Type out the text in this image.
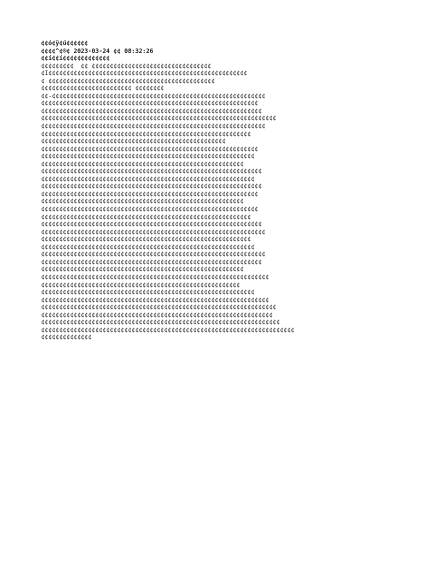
¢¢ó¢ÿ¢ú¢¢¢¢¢¢
¢¢¢¢^¢®¢ 2023-03-24 ¢¢ 08:32:26
¢¢í¢¢í¢¢¢¢¢¢¢¢¢¢¢¢¢
¢¢¢¢¢¢¢¢¢  ¢¢ ¢¢¢¢¢¢¢¢¢¢¢¢¢¢¢¢¢¢¢¢¢¢¢¢¢¢¢¢¢¢¢¢¢
¢I¢¢¢¢¢¢¢¢¢¢¢¢¢¢¢¢¢¢¢¢¢¢¢¢¢¢¢¢¢¢¢¢¢¢¢¢¢¢¢¢¢¢¢¢¢¢¢¢¢¢¢¢¢¢¢
¢ ¢¢¢¢¢¢¢¢¢¢¢¢¢¢¢¢¢¢¢¢¢¢¢¢¢¢¢¢¢¢¢¢¢¢¢¢¢¢¢¢¢¢¢¢¢¢
¢¢¢¢¢¢¢¢¢¢¢¢¢¢¢¢¢¢¢¢¢¢¢¢¢ ¢¢¢¢¢¢¢¢
¢¢-¢¢¢¢¢¢¢¢¢¢¢¢¢¢¢¢¢¢¢¢¢¢¢¢¢¢¢¢¢¢¢¢¢¢¢¢¢¢¢¢¢¢¢¢¢¢¢¢¢¢¢¢¢¢¢¢¢¢¢
¢¢¢¢¢¢¢¢¢¢¢¢¢¢¢¢¢¢¢¢¢¢¢¢¢¢¢¢¢¢¢¢¢¢¢¢¢¢¢¢¢¢¢¢¢¢¢¢¢¢¢¢¢¢¢¢¢¢¢¢
¢¢¢¢¢¢¢¢¢¢¢¢¢¢¢¢¢¢¢¢¢¢¢¢¢¢¢¢¢¢¢¢¢¢¢¢¢¢¢¢¢¢¢¢¢¢¢¢¢¢¢¢¢¢¢¢¢¢¢¢¢
¢¢¢¢¢¢¢¢¢¢¢¢¢¢¢¢¢¢¢¢¢¢¢¢¢¢¢¢¢¢¢¢¢¢¢¢¢¢¢¢¢¢¢¢¢¢¢¢¢¢¢¢¢¢¢¢¢¢¢¢¢¢¢¢¢
¢¢¢¢¢¢¢¢¢¢¢¢¢¢¢¢¢¢¢¢¢¢¢¢¢¢¢¢¢¢¢¢¢¢¢¢¢¢¢¢¢¢¢¢¢¢¢¢¢¢¢¢¢¢¢¢¢¢¢¢¢¢
¢¢¢¢¢¢¢¢¢¢¢¢¢¢¢¢¢¢¢¢¢¢¢¢¢¢¢¢¢¢¢¢¢¢¢¢¢¢¢¢¢¢¢¢¢¢¢¢¢¢¢¢¢¢¢¢¢¢
¢¢¢¢¢¢¢¢¢¢¢¢¢¢¢¢¢¢¢¢¢¢¢¢¢¢¢¢¢¢¢¢¢¢¢¢¢¢¢¢¢¢¢¢¢¢¢¢¢¢¢
¢¢¢¢¢¢¢¢¢¢¢¢¢¢¢¢¢¢¢¢¢¢¢¢¢¢¢¢¢¢¢¢¢¢¢¢¢¢¢¢¢¢¢¢¢¢¢¢¢¢¢¢¢¢¢¢¢¢¢¢
¢¢¢¢¢¢¢¢¢¢¢¢¢¢¢¢¢¢¢¢¢¢¢¢¢¢¢¢¢¢¢¢¢¢¢¢¢¢¢¢¢¢¢¢¢¢¢¢¢¢¢¢¢¢¢¢¢¢¢
¢¢¢¢¢¢¢¢¢¢¢¢¢¢¢¢¢¢¢¢¢¢¢¢¢¢¢¢¢¢¢¢¢¢¢¢¢¢¢¢¢¢¢¢¢¢¢¢¢¢¢¢¢¢¢¢
¢¢¢¢¢¢¢¢¢¢¢¢¢¢¢¢¢¢¢¢¢¢¢¢¢¢¢¢¢¢¢¢¢¢¢¢¢¢¢¢¢¢¢¢¢¢¢¢¢¢¢¢¢¢¢¢¢¢¢¢¢
¢¢¢¢¢¢¢¢¢¢¢¢¢¢¢¢¢¢¢¢¢¢¢¢¢¢¢¢¢¢¢¢¢¢¢¢¢¢¢¢¢¢¢¢¢¢¢¢¢¢¢¢¢¢¢¢¢¢¢
¢¢¢¢¢¢¢¢¢¢¢¢¢¢¢¢¢¢¢¢¢¢¢¢¢¢¢¢¢¢¢¢¢¢¢¢¢¢¢¢¢¢¢¢¢¢¢¢¢¢¢¢¢¢¢¢¢¢¢¢¢
¢¢¢¢¢¢¢¢¢¢¢¢¢¢¢¢¢¢¢¢¢¢¢¢¢¢¢¢¢¢¢¢¢¢¢¢¢¢¢¢¢¢¢¢¢¢¢¢¢¢¢¢¢¢¢¢¢¢¢¢
¢¢¢¢¢¢¢¢¢¢¢¢¢¢¢¢¢¢¢¢¢¢¢¢¢¢¢¢¢¢¢¢¢¢¢¢¢¢¢¢¢¢¢¢¢¢¢¢¢¢¢¢¢¢¢¢
¢¢¢¢¢¢¢¢¢¢¢¢¢¢¢¢¢¢¢¢¢¢¢¢¢¢¢¢¢¢¢¢¢¢¢¢¢¢¢¢¢¢¢¢¢¢¢¢¢¢¢¢¢¢¢¢¢¢¢¢
¢¢¢¢¢¢¢¢¢¢¢¢¢¢¢¢¢¢¢¢¢¢¢¢¢¢¢¢¢¢¢¢¢¢¢¢¢¢¢¢¢¢¢¢¢¢¢¢¢¢¢¢¢¢¢¢¢¢
¢¢¢¢¢¢¢¢¢¢¢¢¢¢¢¢¢¢¢¢¢¢¢¢¢¢¢¢¢¢¢¢¢¢¢¢¢¢¢¢¢¢¢¢¢¢¢¢¢¢¢¢¢¢¢¢¢¢¢¢¢
¢¢¢¢¢¢¢¢¢¢¢¢¢¢¢¢¢¢¢¢¢¢¢¢¢¢¢¢¢¢¢¢¢¢¢¢¢¢¢¢¢¢¢¢¢¢¢¢¢¢¢¢¢¢¢¢¢¢¢¢¢¢
¢¢¢¢¢¢¢¢¢¢¢¢¢¢¢¢¢¢¢¢¢¢¢¢¢¢¢¢¢¢¢¢¢¢¢¢¢¢¢¢¢¢¢¢¢¢¢¢¢¢¢¢¢¢¢¢¢¢
¢¢¢¢¢¢¢¢¢¢¢¢¢¢¢¢¢¢¢¢¢¢¢¢¢¢¢¢¢¢¢¢¢¢¢¢¢¢¢¢¢¢¢¢¢¢¢¢¢¢¢¢¢¢¢¢¢¢¢
¢¢¢¢¢¢¢¢¢¢¢¢¢¢¢¢¢¢¢¢¢¢¢¢¢¢¢¢¢¢¢¢¢¢¢¢¢¢¢¢¢¢¢¢¢¢¢¢¢¢¢¢¢¢¢¢¢¢¢¢¢¢
¢¢¢¢¢¢¢¢¢¢¢¢¢¢¢¢¢¢¢¢¢¢¢¢¢¢¢¢¢¢¢¢¢¢¢¢¢¢¢¢¢¢¢¢¢¢¢¢¢¢¢¢¢¢¢¢¢¢¢¢¢
¢¢¢¢¢¢¢¢¢¢¢¢¢¢¢¢¢¢¢¢¢¢¢¢¢¢¢¢¢¢¢¢¢¢¢¢¢¢¢¢¢¢¢¢¢¢¢¢¢¢¢¢¢¢¢¢
¢¢¢¢¢¢¢¢¢¢¢¢¢¢¢¢¢¢¢¢¢¢¢¢¢¢¢¢¢¢¢¢¢¢¢¢¢¢¢¢¢¢¢¢¢¢¢¢¢¢¢¢¢¢¢¢¢¢¢¢¢¢¢
¢¢¢¢¢¢¢¢¢¢¢¢¢¢¢¢¢¢¢¢¢¢¢¢¢¢¢¢¢¢¢¢¢¢¢¢¢¢¢¢¢¢¢¢¢¢¢¢¢¢¢¢¢¢¢
¢¢¢¢¢¢¢¢¢¢¢¢¢¢¢¢¢¢¢¢¢¢¢¢¢¢¢¢¢¢¢¢¢¢¢¢¢¢¢¢¢¢¢¢¢¢¢¢¢¢¢¢¢¢¢¢¢¢¢
¢¢¢¢¢¢¢¢¢¢¢¢¢¢¢¢¢¢¢¢¢¢¢¢¢¢¢¢¢¢¢¢¢¢¢¢¢¢¢¢¢¢¢¢¢¢¢¢¢¢¢¢¢¢¢¢¢¢¢¢¢¢¢
¢¢¢¢¢¢¢¢¢¢¢¢¢¢¢¢¢¢¢¢¢¢¢¢¢¢¢¢¢¢¢¢¢¢¢¢¢¢¢¢¢¢¢¢¢¢¢¢¢¢¢¢¢¢¢¢¢¢¢¢¢¢¢¢¢
¢¢¢¢¢¢¢¢¢¢¢¢¢¢¢¢¢¢¢¢¢¢¢¢¢¢¢¢¢¢¢¢¢¢¢¢¢¢¢¢¢¢¢¢¢¢¢¢¢¢¢¢¢¢¢¢¢¢¢¢¢¢¢¢
¢¢¢¢¢¢¢¢¢¢¢¢¢¢¢¢¢¢¢¢¢¢¢¢¢¢¢¢¢¢¢¢¢¢¢¢¢¢¢¢¢¢¢¢¢¢¢¢¢¢¢¢¢¢¢¢¢¢¢¢¢¢¢¢¢¢
¢¢¢¢¢¢¢¢¢¢¢¢¢¢¢¢¢¢¢¢¢¢¢¢¢¢¢¢¢¢¢¢¢¢¢¢¢¢¢¢¢¢¢¢¢¢¢¢¢¢¢¢¢¢¢¢¢¢¢¢¢¢¢¢¢¢¢¢¢¢
¢¢¢¢¢¢¢¢¢¢¢¢¢¢
